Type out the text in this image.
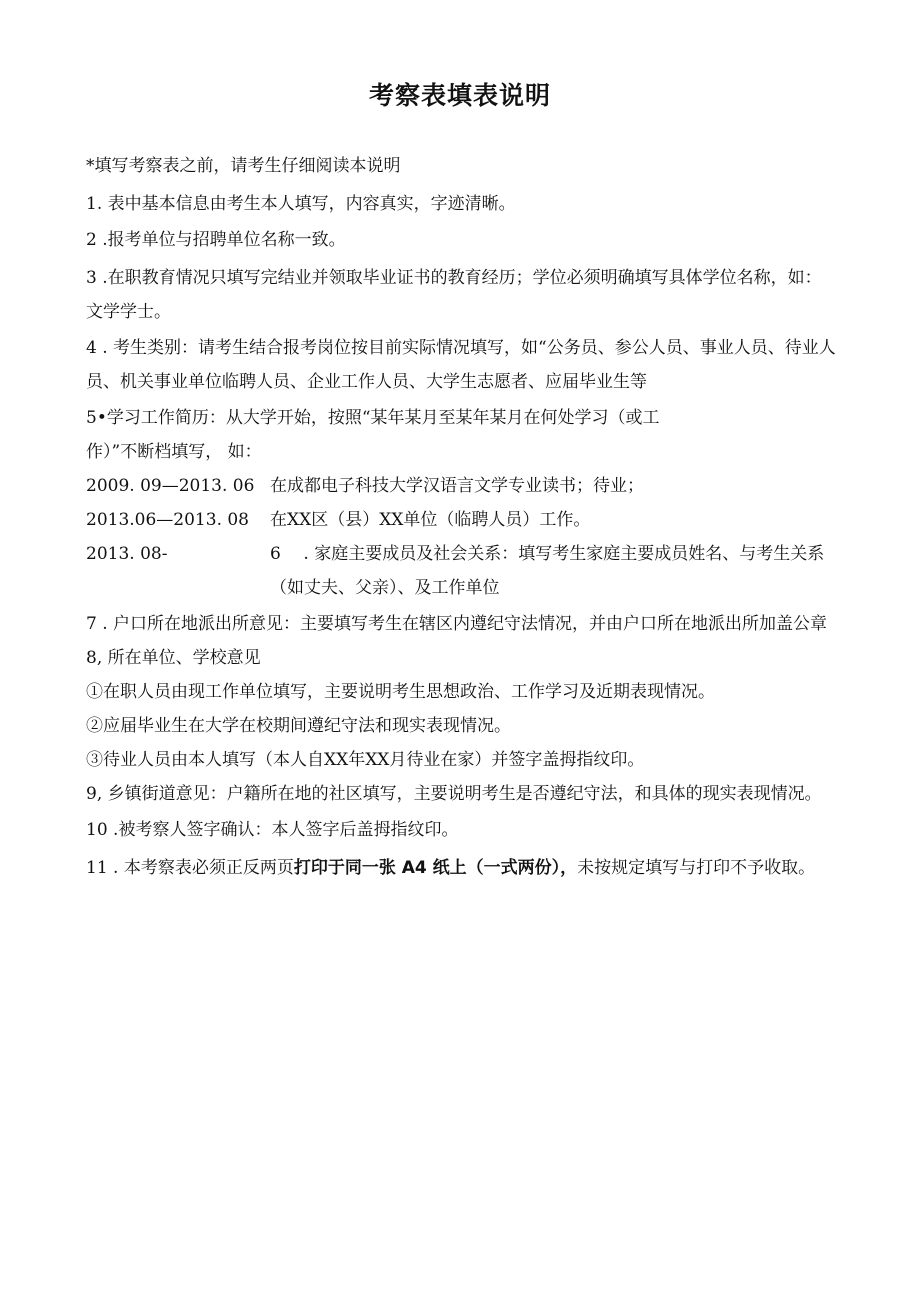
考察表填表说明

*填写考察表之前，请考生仔细阅读本说明

1. 表中基本信息由考生本人填写，内容真实，字迹清晰。

2 .报考单位与招聘单位名称一致。

3 .在职教育情况只填写完结业并领取毕业证书的教育经历；学位必须明确填写具体学位名称，如：文学学士。

4 . 考生类别：请考生结合报考岗位按目前实际情况填写，如“公务员、参公人员、事业人员、待业人员、机关事业单位临聘人员、企业工作人员、大学生志愿者、应届毕业生等

5•学习工作简历：从大学开始，按照“某年某月至某年某月在何处学习（或工

作）”不断档填写， 如：

2009. 09—2013. 06 在成都电子科技大学汉语言文学专业读书；待业；
2013.06—2013. 08	在XX区（县）XX单位（临聘人员）工作。
2013. 08-	6 . 家庭主要成员及社会关系：填写考生家庭主要成员姓名、与考生关系（如丈夫、父亲）、及工作单位

7 . 户口所在地派出所意见：主要填写考生在辖区内遵纪守法情况，并由户口所在地派出所加盖公章

8, 所在单位、学校意见

①在职人员由现工作单位填写，主要说明考生思想政治、工作学习及近期表现情况。

②应届毕业生在大学在校期间遵纪守法和现实表现情况。

③待业人员由本人填写（本人自XX年XX月待业在家）并签字盖拇指纹印。

9, 乡镇街道意见：户籍所在地的社区填写，主要说明考生是否遵纪守法，和具体的现实表现情况。

10 .被考察人签字确认：本人签字后盖拇指纹印。

11 . 本考察表必须正反两页打印于同一张 A4 纸上（一式两份），未按规定填写与打印不予收取。
